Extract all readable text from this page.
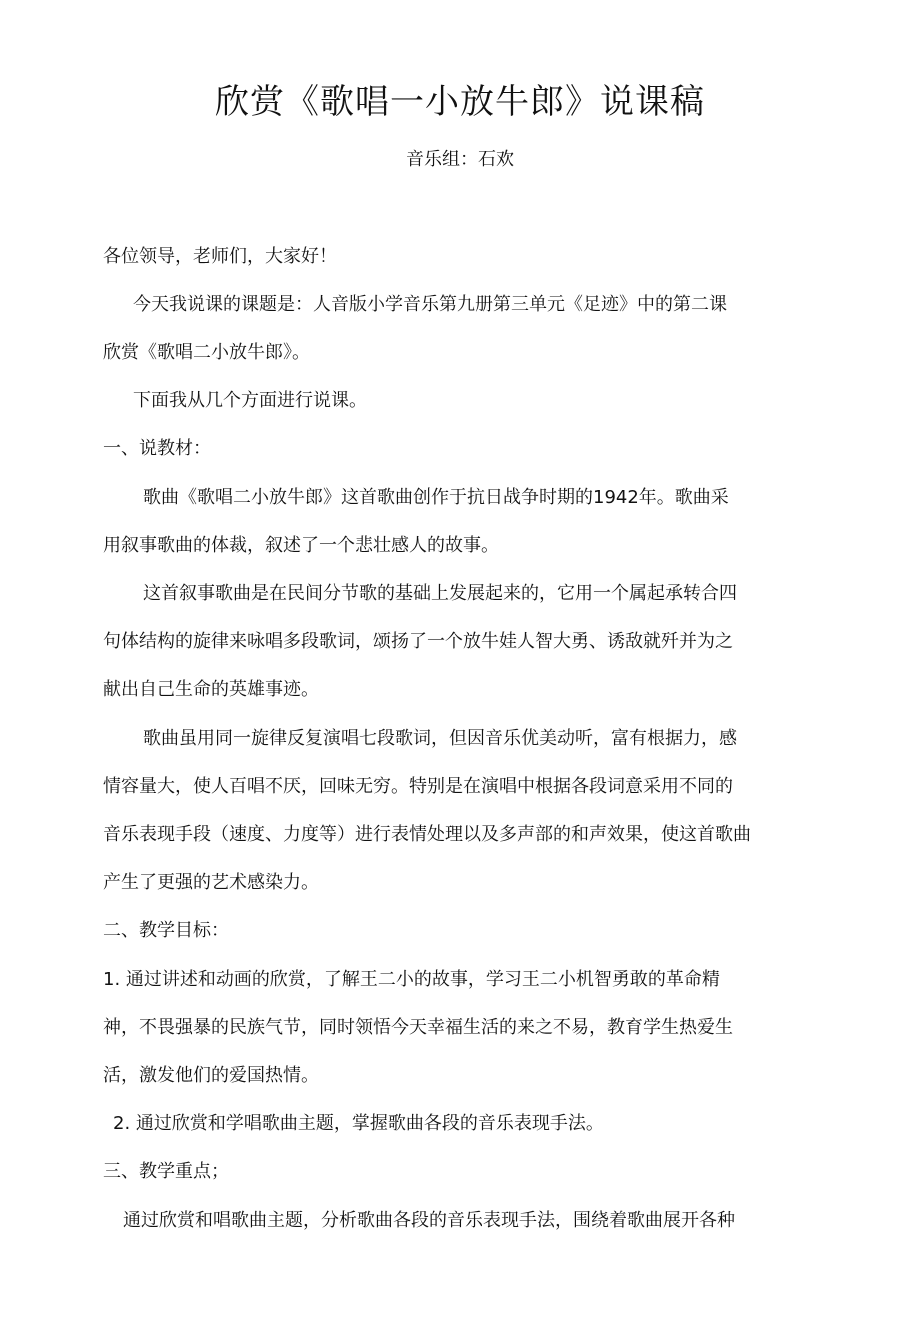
欣赏《歌唱一小放牛郎》说课稿
音乐组：石欢
各位领导，老师们，大家好！
今天我说课的课题是：人音版小学音乐第九册第三单元《足迹》中的第二课
欣赏《歌唱二小放牛郎》。
下面我从几个方面进行说课。
一、说教材：
歌曲《歌唱二小放牛郎》这首歌曲创作于抗日战争时期的1942年。歌曲采
用叙事歌曲的体裁，叙述了一个悲壮感人的故事。
这首叙事歌曲是在民间分节歌的基础上发展起来的，它用一个属起承转合四
句体结构的旋律来咏唱多段歌词，颂扬了一个放牛娃人智大勇、诱敌就歼并为之
献出自己生命的英雄事迹。
歌曲虽用同一旋律反复演唱七段歌词，但因音乐优美动听，富有根据力，感
情容量大，使人百唱不厌，回味无穷。特别是在演唱中根据各段词意采用不同的
音乐表现手段（速度、力度等）进行表情处理以及多声部的和声效果，使这首歌曲
产生了更强的艺术感染力。
二、教学目标：
1. 通过讲述和动画的欣赏，了解王二小的故事，学习王二小机智勇敢的革命精
神，不畏强暴的民族气节，同时领悟今天幸福生活的来之不易，教育学生热爱生
活，激发他们的爱国热情。
2. 通过欣赏和学唱歌曲主题，掌握歌曲各段的音乐表现手法。
三、教学重点；
通过欣赏和唱歌曲主题，分析歌曲各段的音乐表现手法，围绕着歌曲展开各种
